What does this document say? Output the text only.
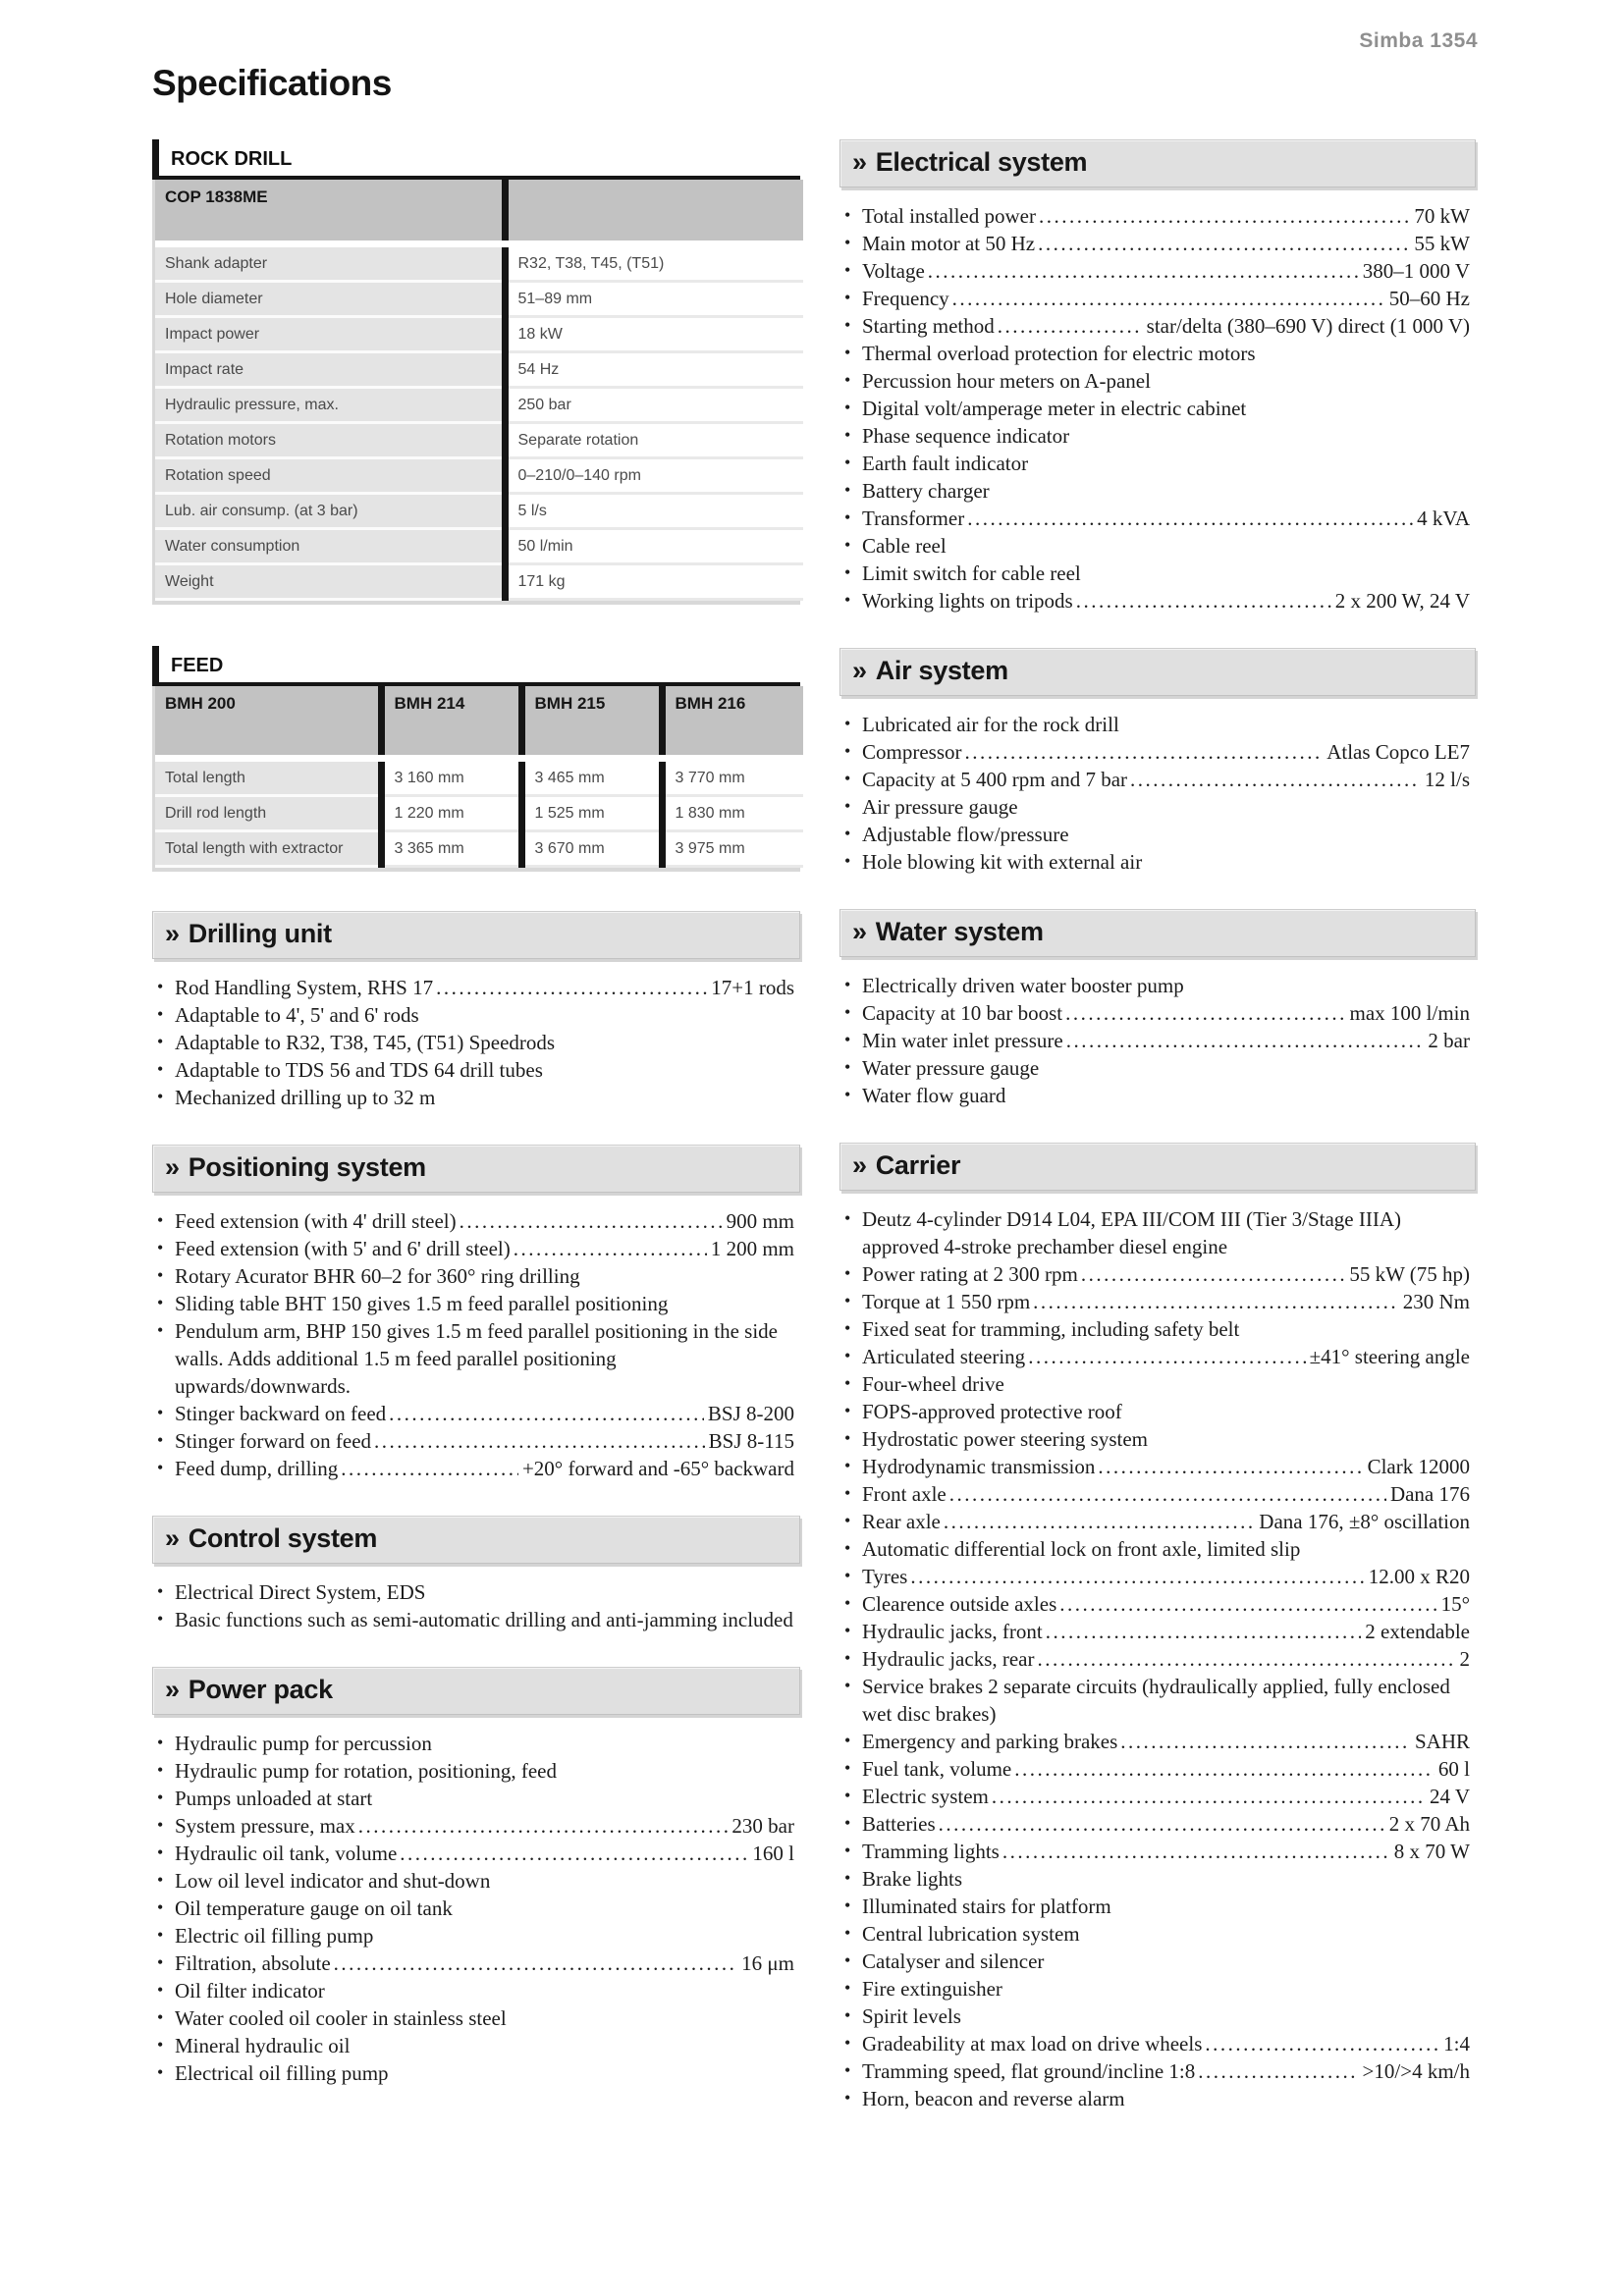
Simba 1354
Specifications
ROCK DRILL
COP 1838ME	
Shank adapter	R32, T38, T45, (T51)
Hole diameter	51–89 mm
Impact power	18 kW
Impact rate	54 Hz
Hydraulic pressure, max.	250 bar
Rotation motors	Separate rotation
Rotation speed	0–210/0–140 rpm
Lub. air consump. (at 3 bar)	5 l/s
Water consumption	50 l/min
Weight	171 kg
FEED
BMH 200	BMH 214	BMH 215	BMH 216
Total length	3 160 mm	3 465 mm	3 770 mm
Drill rod length	1 220 mm	1 525 mm	1 830 mm
Total length with extractor	3 365 mm	3 670 mm	3 975 mm
» Drilling unit
• Rod Handling System, RHS 17 .....	17+1 rods
• Adaptable to 4', 5' and 6' rods
• Adaptable to R32, T38, T45, (T51) Speedrods
• Adaptable to TDS 56 and TDS 64 drill tubes
• Mechanized drilling up to 32 m
» Positioning system
• Feed extension (with 4' drill steel) .....	900 mm
• Feed extension (with 5' and 6' drill steel) .....	1 200 mm
• Rotary Acurator BHR 60–2 for 360° ring drilling
• Sliding table BHT 150 gives 1.5 m feed parallel positioning
• Pendulum arm, BHP 150 gives 1.5 m feed parallel positioning in the side walls. Adds additional 1.5 m feed parallel positioning upwards/downwards.
• Stinger backward on feed .....	BSJ 8-200
• Stinger forward on feed .....	BSJ 8-115
• Feed dump, drilling .....	+20° forward and -65° backward
» Control system
• Electrical Direct System, EDS
• Basic functions such as semi-automatic drilling and anti-jamming included
» Power pack
• Hydraulic pump for percussion
• Hydraulic pump for rotation, positioning, feed
• Pumps unloaded at start
• System pressure, max .....	230 bar
• Hydraulic oil tank, volume .....	160 l
• Low oil level indicator and shut-down
• Oil temperature gauge on oil tank
• Electric oil filling pump
• Filtration, absolute .....	16 μm
• Oil filter indicator
• Water cooled oil cooler in stainless steel
• Mineral hydraulic oil
• Electrical oil filling pump
» Electrical system
• Total installed power .....	70 kW
• Main motor at 50 Hz .....	55 kW
• Voltage .....	380–1 000 V
• Frequency .....	50–60 Hz
• Starting method .....	star/delta (380–690 V) direct (1 000 V)
• Thermal overload protection for electric motors
• Percussion hour meters on A-panel
• Digital volt/amperage meter in electric cabinet
• Phase sequence indicator
• Earth fault indicator
• Battery charger
• Transformer .....	4 kVA
• Cable reel
• Limit switch for cable reel
• Working lights on tripods .....	2 x 200 W, 24 V
» Air system
• Lubricated air for the rock drill
• Compressor .....	Atlas Copco LE7
• Capacity at 5 400 rpm and 7 bar .....	12 l/s
• Air pressure gauge
• Adjustable flow/pressure
• Hole blowing kit with external air
» Water system
• Electrically driven water booster pump
• Capacity at 10 bar boost .....	max 100 l/min
• Min water inlet pressure .....	2 bar
• Water pressure gauge
• Water flow guard
» Carrier
• Deutz 4-cylinder D914 L04, EPA III/COM III (Tier 3/Stage IIIA) approved 4-stroke prechamber diesel engine
• Power rating at 2 300 rpm .....	55 kW (75 hp)
• Torque at 1 550 rpm .....	230 Nm
• Fixed seat for tramming, including safety belt
• Articulated steering .....	±41° steering angle
• Four-wheel drive
• FOPS-approved protective roof
• Hydrostatic power steering system
• Hydrodynamic transmission .....	Clark 12000
• Front axle .....	Dana 176
• Rear axle .....	Dana 176, ±8° oscillation
• Automatic differential lock on front axle, limited slip
• Tyres .....	12.00 x R20
• Clearence outside axles .....	15°
• Hydraulic jacks, front .....	2 extendable
• Hydraulic jacks, rear .....	2
• Service brakes 2 separate circuits (hydraulically applied, fully enclosed wet disc brakes)
• Emergency and parking brakes .....	SAHR
• Fuel tank, volume .....	60 l
• Electric system .....	24 V
• Batteries .....	2 x 70 Ah
• Tramming lights .....	8 x 70 W
• Brake lights
• Illuminated stairs for platform
• Central lubrication system
• Catalyser and silencer
• Fire extinguisher
• Spirit levels
• Gradeability at max load on drive wheels .....	1:4
• Tramming speed, flat ground/incline 1:8 .....	>10/>4 km/h
• Horn, beacon and reverse alarm
